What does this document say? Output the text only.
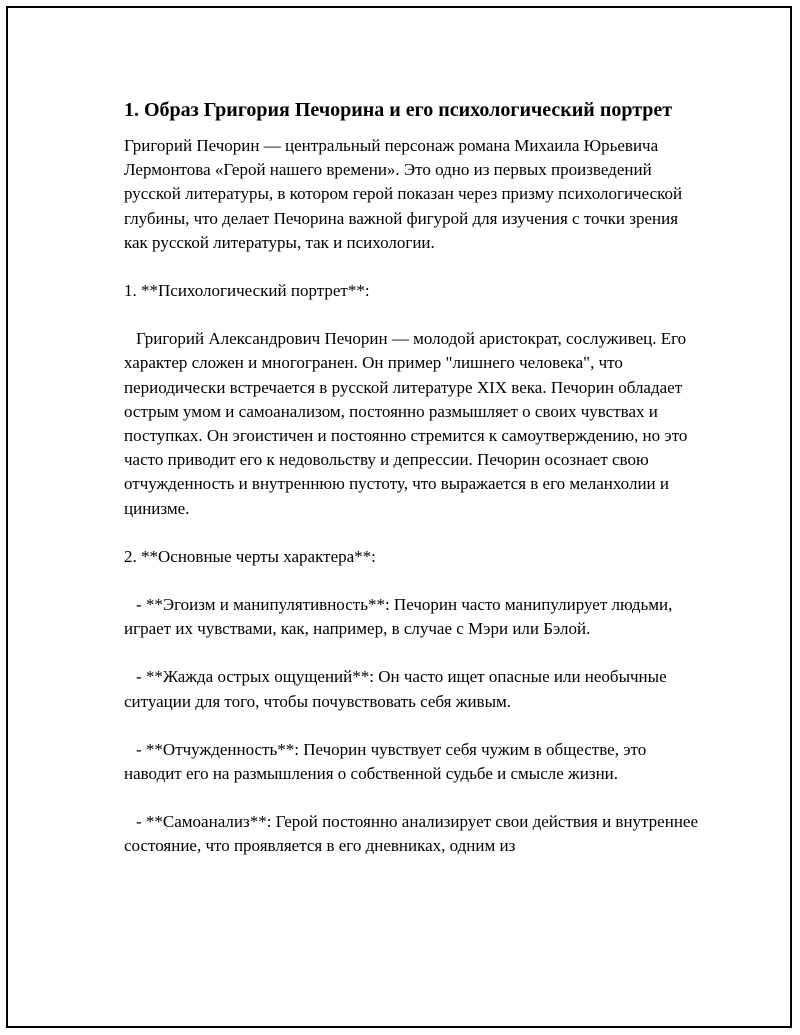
1. Образ Григория Печорина и его психологический портрет

Григорий Печорин — центральный персонаж романа Михаила Юрьевича Лермонтова «Герой нашего времени». Это одно из первых произведений русской литературы, в котором герой показан через призму психологической глубины, что делает Печорина важной фигурой для изучения с точки зрения как русской литературы, так и психологии.

1. **Психологический портрет**:

Григорий Александрович Печорин — молодой аристократ, сослуживец. Его характер сложен и многогранен. Он пример "лишнего человека", что периодически встречается в русской литературе XIX века. Печорин обладает острым умом и самоанализом, постоянно размышляет о своих чувствах и поступках. Он эгоистичен и постоянно стремится к самоутверждению, но это часто приводит его к недовольству и депрессии. Печорин осознает свою отчужденность и внутреннюю пустоту, что выражается в его меланхолии и цинизме.

2. **Основные черты характера**:

- **Эгоизм и манипулятивность**: Печорин часто манипулирует людьми, играет их чувствами, как, например, в случае с Мэри или Бэлой.

- **Жажда острых ощущений**: Он часто ищет опасные или необычные ситуации для того, чтобы почувствовать себя живым.

- **Отчужденность**: Печорин чувствует себя чужим в обществе, это наводит его на размышления о собственной судьбе и смысле жизни.

- **Самоанализ**: Герой постоянно анализирует свои действия и внутреннее состояние, что проявляется в его дневниках, одним из
